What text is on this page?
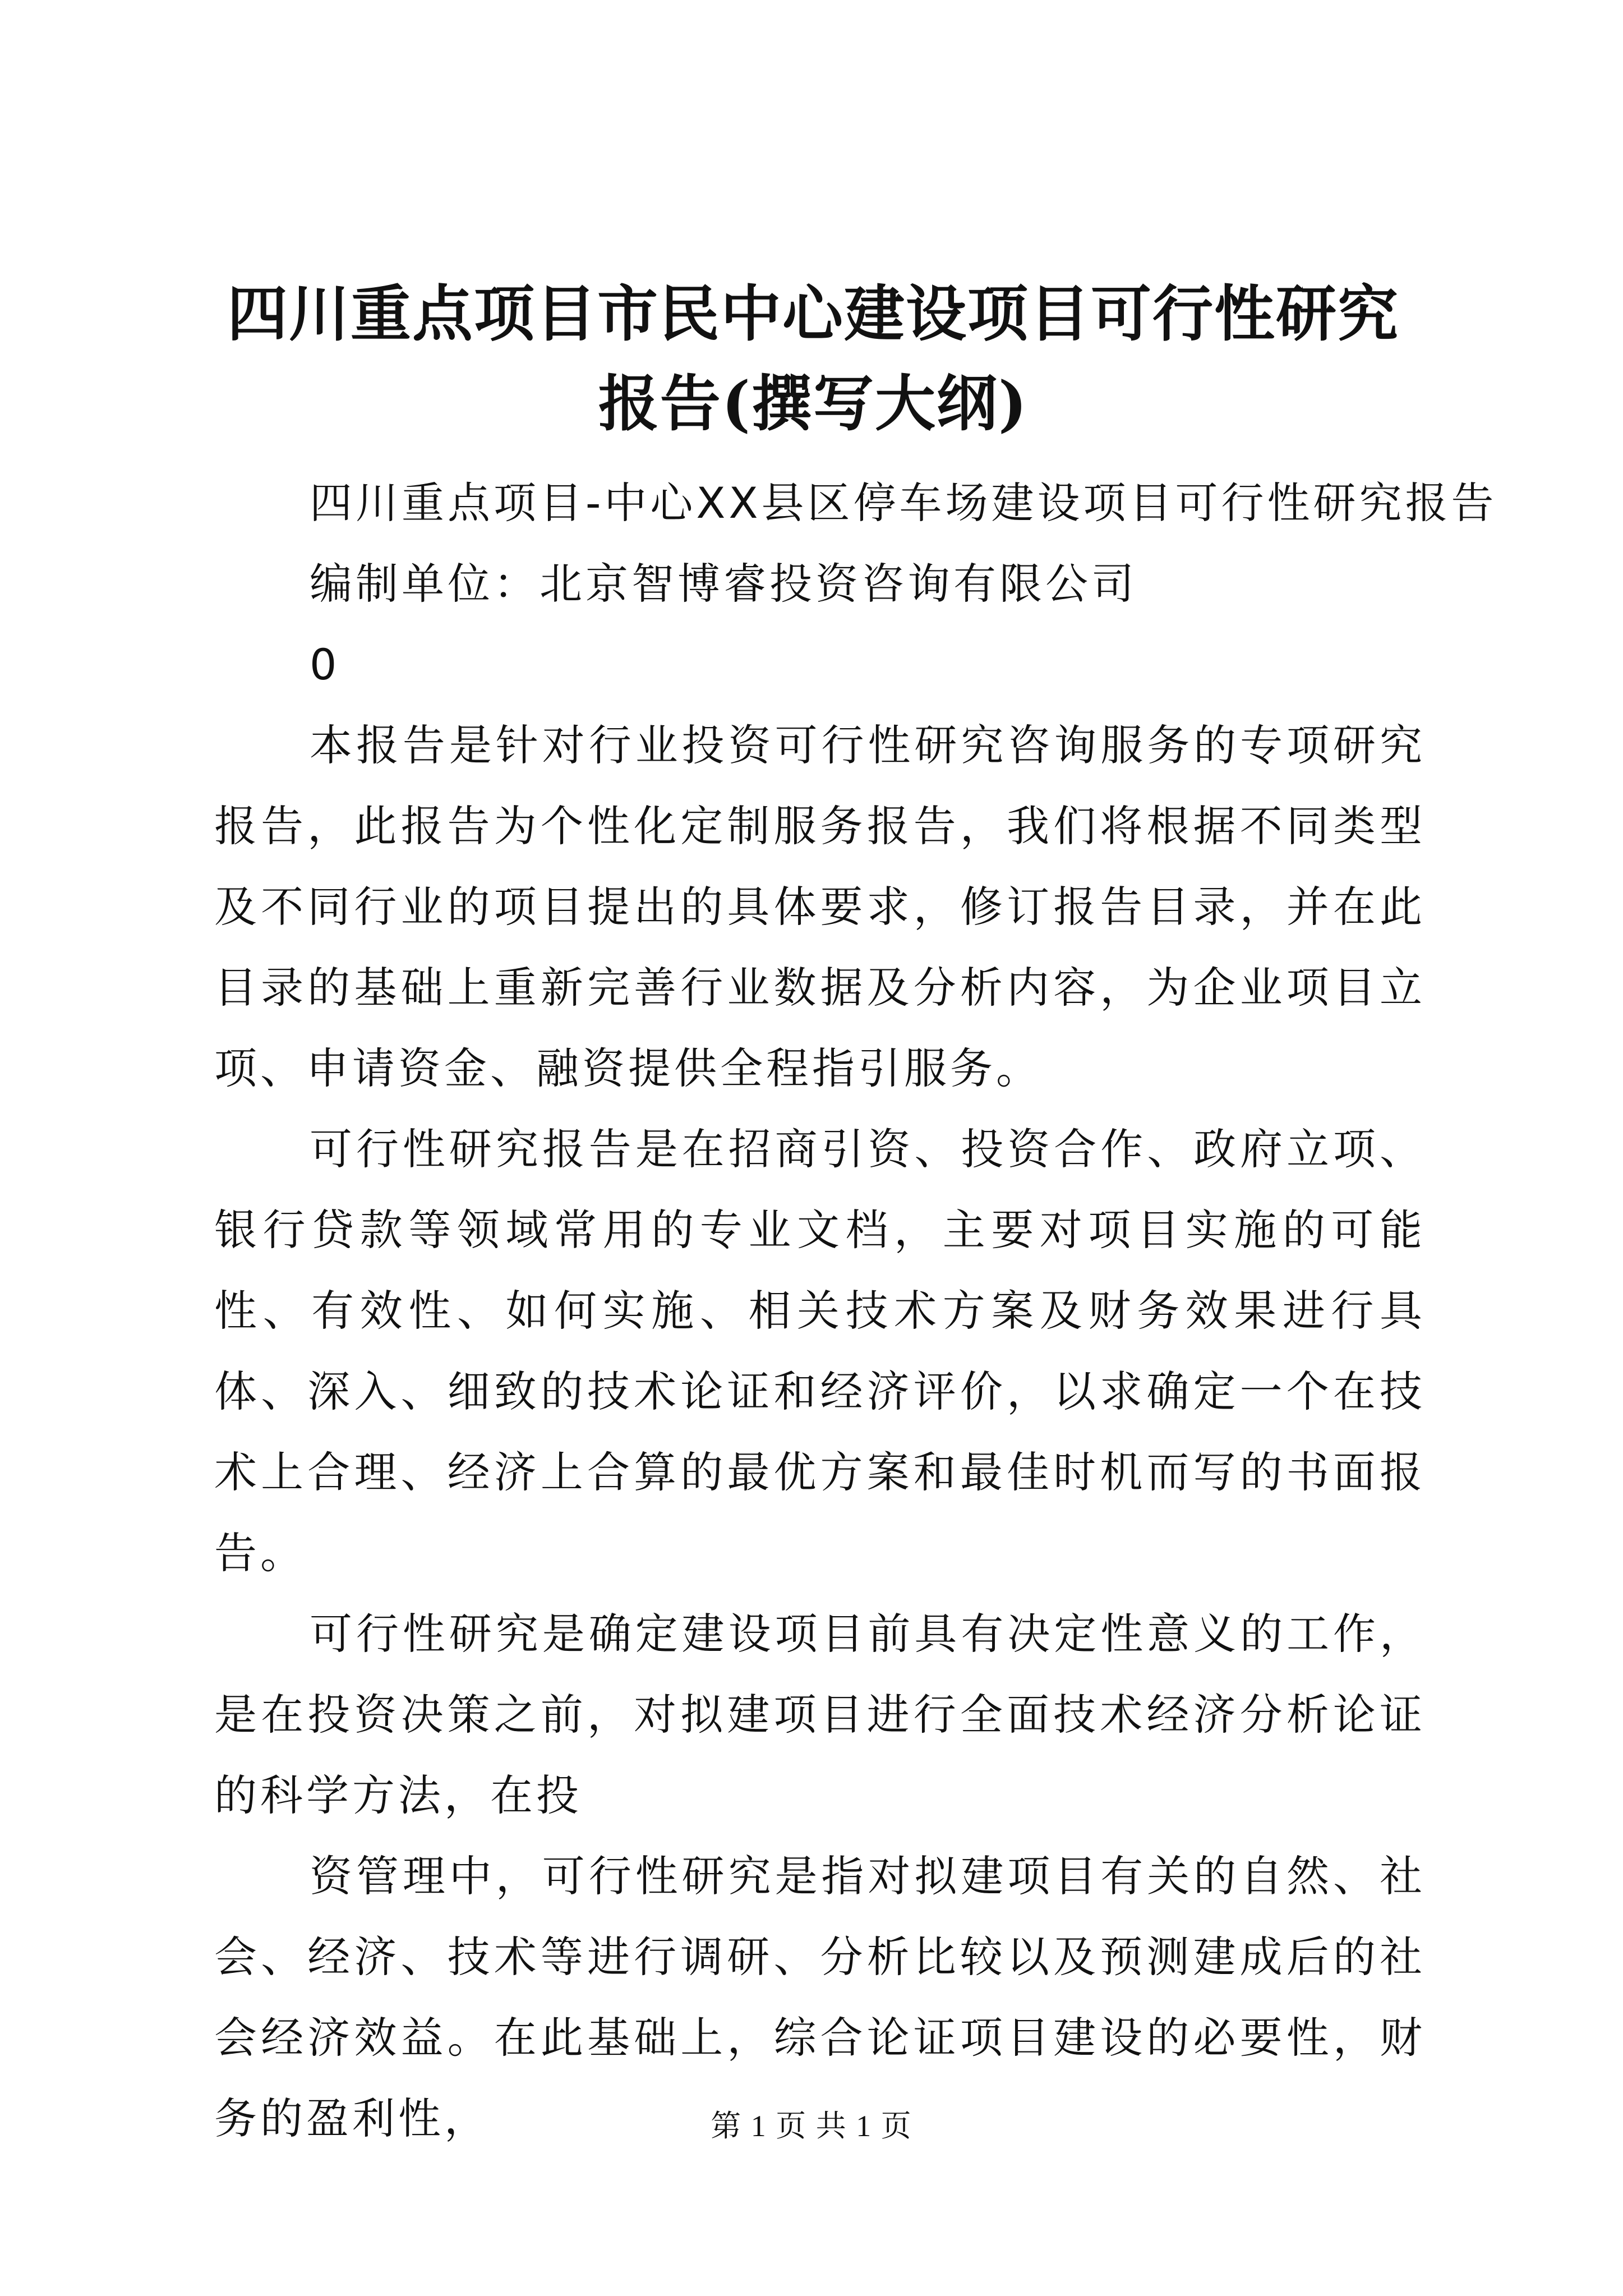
四川重点项目市民中心建设项目可行性研究报告(撰写大纲)

四川重点项目-中心XX县区停车场建设项目可行性研究报告

编制单位：北京智博睿投资咨询有限公司

0

本报告是针对行业投资可行性研究咨询服务的专项研究报告，此报告为个性化定制服务报告，我们将根据不同类型及不同行业的项目提出的具体要求，修订报告目录，并在此目录的基础上重新完善行业数据及分析内容，为企业项目立项、申请资金、融资提供全程指引服务。

可行性研究报告是在招商引资、投资合作、政府立项、银行贷款等领域常用的专业文档，主要对项目实施的可能性、有效性、如何实施、相关技术方案及财务效果进行具体、深入、细致的技术论证和经济评价，以求确定一个在技术上合理、经济上合算的最优方案和最佳时机而写的书面报告。

可行性研究是确定建设项目前具有决定性意义的工作，是在投资决策之前，对拟建项目进行全面技术经济分析论证的科学方法，在投

资管理中，可行性研究是指对拟建项目有关的自然、社会、经济、技术等进行调研、分析比较以及预测建成后的社会经济效益。在此基础上，综合论证项目建设的必要性，财务的盈利性，	第 1 页 共 1 页
